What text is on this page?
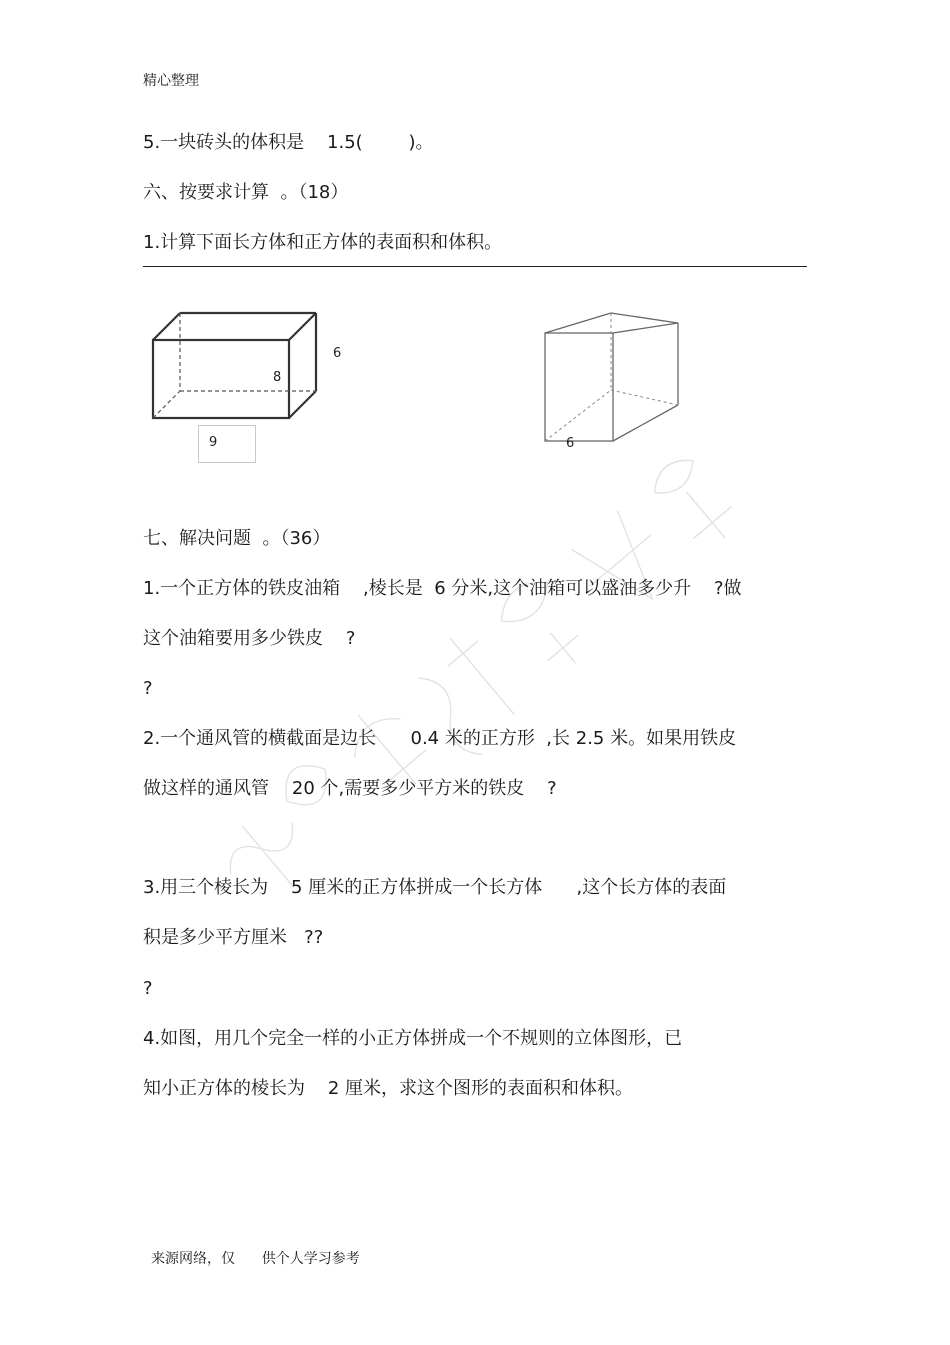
精心整理
5.一块砖头的体积是    1.5(        )。
六、按要求计算  。（18）
1.计算下面长方体和正方体的表面积和体积。
6
8
9	6
七、解决问题  。（36）
1.一个正方体的铁皮油箱    ,棱长是  6 分米,这个油箱可以盛油多少升    ?做
这个油箱要用多少铁皮    ?
?
2.一个通风管的横截面是边长      0.4 米的正方形  ,长 2.5 米。如果用铁皮
做这样的通风管    20 个,需要多少平方米的铁皮    ?
3.用三个棱长为    5 厘米的正方体拼成一个长方体      ,这个长方体的表面
积是多少平方厘米   ??
?
4.如图，用几个完全一样的小正方体拼成一个不规则的立体图形，已
知小正方体的棱长为    2 厘米，求这个图形的表面积和体积。
来源网络，仅      供个人学习参考
